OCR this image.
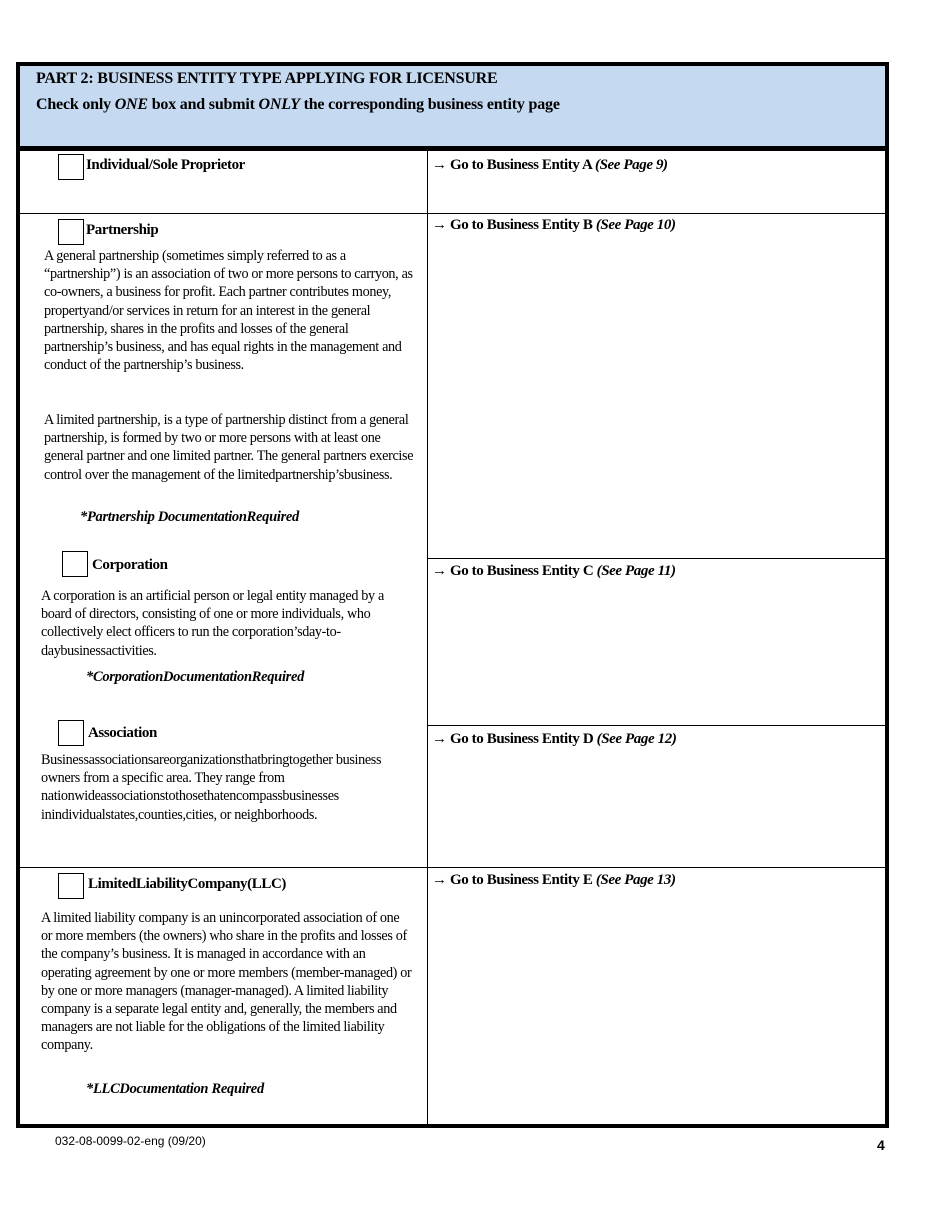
PART 2: BUSINESS ENTITY TYPE APPLYING FOR LICENSURE
Check only ONE box and submit ONLY the corresponding business entity page
Individual/Sole Proprietor	→ Go to Business Entity A (See Page 9)
Partnership

A general partnership (sometimes simply referred to as a “partnership”) is an association of two or more persons to carryon, as co-owners, a business for profit. Each partner contributes money, propertyand/or services in return for an interest in the general partnership, shares in the profits and losses of the general partnership’s business, and has equal rights in the management and conduct of the partnership’s business.

A limited partnership, is a type of partnership distinct from a general partnership, is formed by two or more persons with at least one general partner and one limited partner. The general partners exercise control over the management of the limitedpartnership’sbusiness.

*Partnership DocumentationRequired
→ Go to Business Entity B (See Page 10)
Corporation

A corporation is an artificial person or legal entity managed by a board of directors, consisting of one or more individuals, who collectively elect officers to run the corporation’sday-to-daybusinessactivities.

*CorporationDocumentationRequired
→ Go to Business Entity C (See Page 11)
Association

Businessassociationsareorganizationsthatbringtogether business owners from a specific area. They range from nationwideassociationstothosethatencompassbusinesses inindividualstates,counties,cities, or neighborhoods.

→ Go to Business Entity D (See Page 12)
LimitedLiabilityCompany(LLC)

A limited liability company is an unincorporated association of one or more members (the owners) who share in the profits and losses of the company’s business. It is managed in accordance with an operating agreement by one or more members (member-managed) or by one or more managers (manager-managed). A limited liability company is a separate legal entity and, generally, the members and managers are not liable for the obligations of the limited liability company.

*LLCDocumentation Required
→ Go to Business Entity E (See Page 13)
032-08-0099-02-eng (09/20)	4
